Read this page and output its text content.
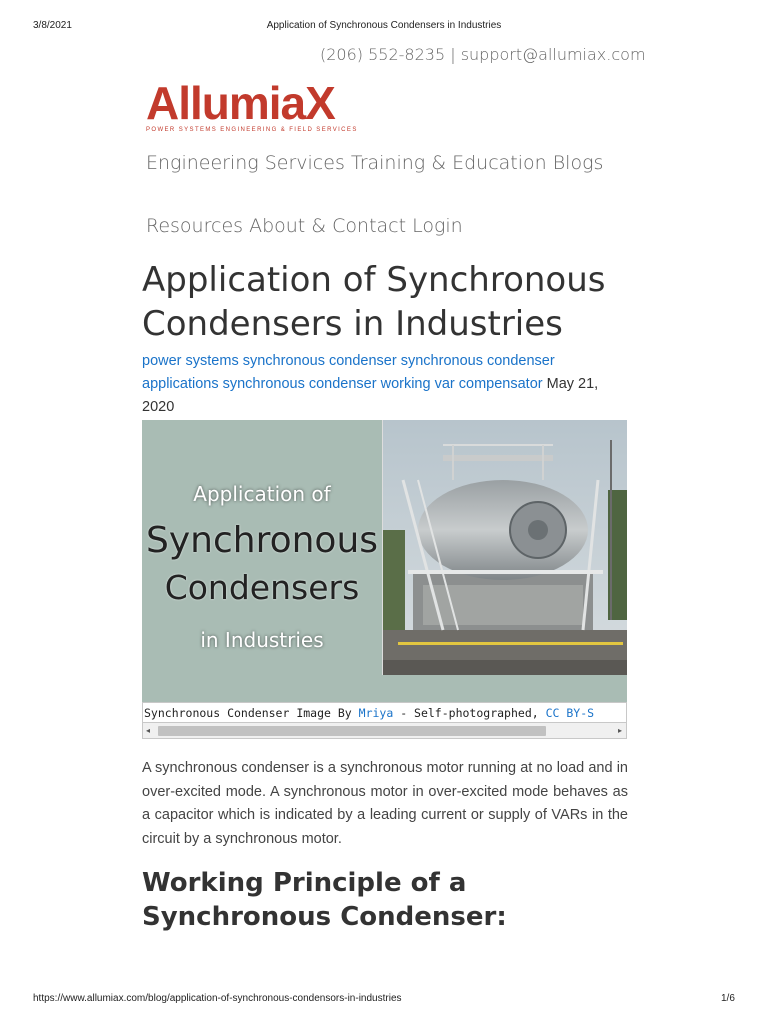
3/8/2021	Application of Synchronous Condensers in Industries
(206) 552-8235 | support@allumiax.com
AllumiaX
POWER SYSTEMS ENGINEERING & FIELD SERVICES
Engineering Services Training & Education Blogs
Resources About & Contact Login
Application of Synchronous Condensers in Industries
power systems synchronous condenser synchronous condenser applications synchronous condenser working var compensator May 21, 2020
Application of
Synchronous
Condensers
in Industries
Synchronous Condenser Image By Mriya - Self-photographed, CC BY-S
◂	▸
A synchronous condenser is a synchronous motor running at no load and in over-excited mode. A synchronous motor in over-excited mode behaves as a capacitor which is indicated by a leading current or supply of VARs in the circuit by a synchronous motor.
Working Principle of a Synchronous Condenser:
https://www.allumiax.com/blog/application-of-synchronous-condensors-in-industries	1/6
